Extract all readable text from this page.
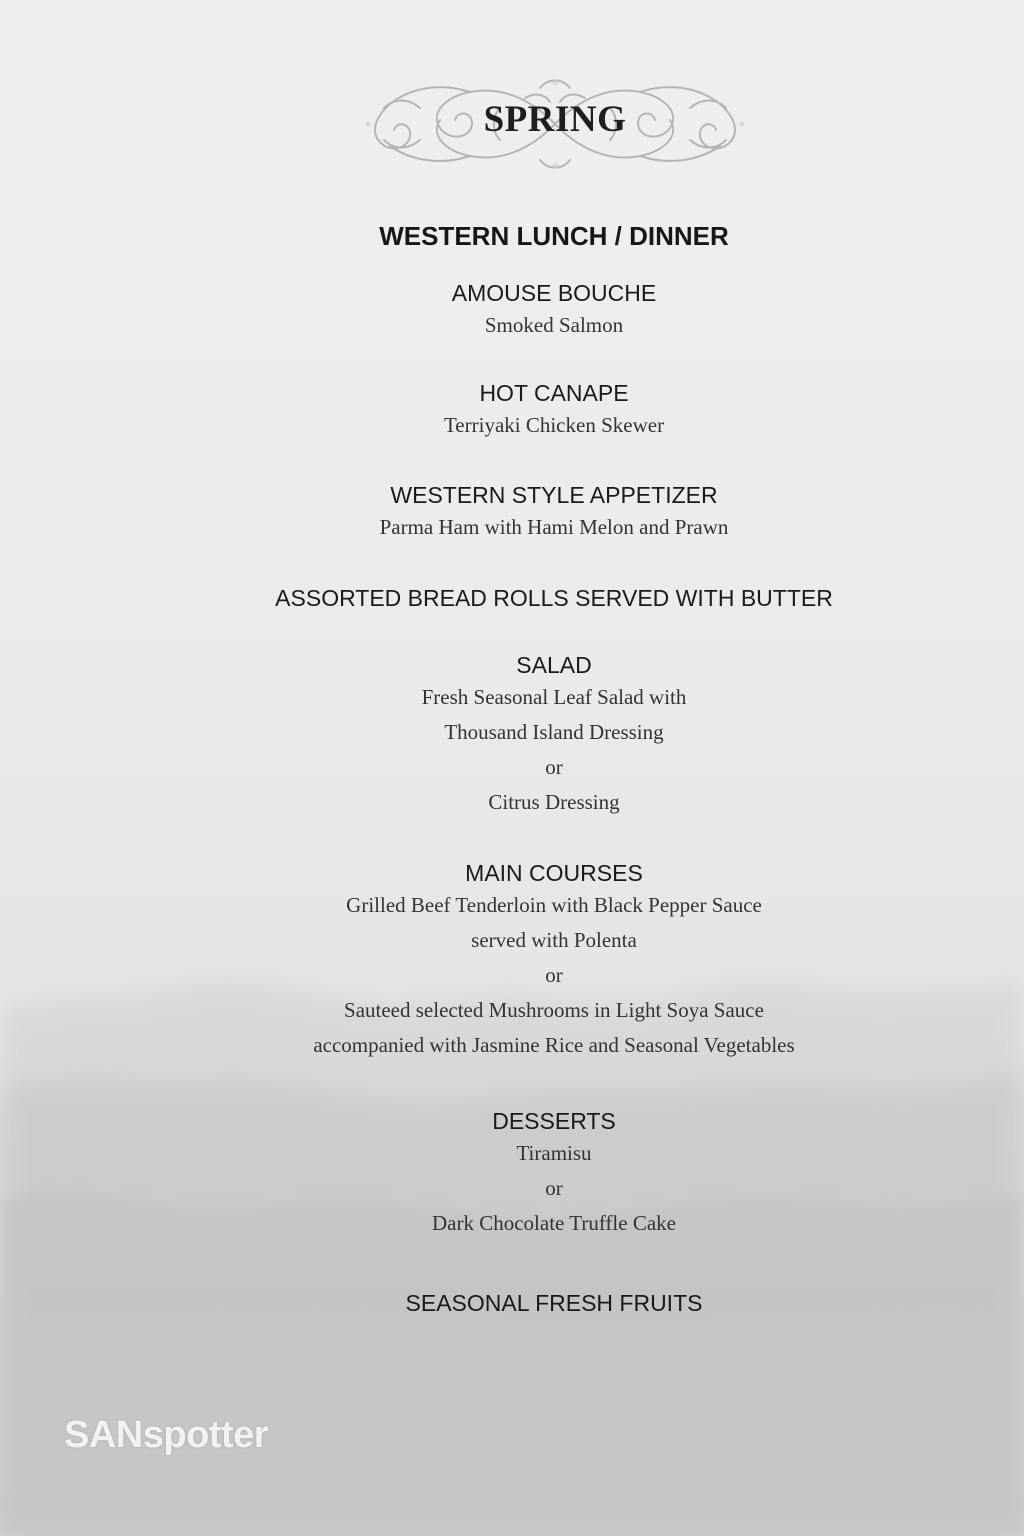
SPRING
WESTERN LUNCH / DINNER
AMOUSE BOUCHE
Smoked Salmon
HOT CANAPE
Terriyaki Chicken Skewer
WESTERN STYLE APPETIZER
Parma Ham with Hami Melon and Prawn
ASSORTED BREAD ROLLS SERVED WITH BUTTER
SALAD
Fresh Seasonal Leaf Salad with
Thousand Island Dressing
or
Citrus Dressing
MAIN COURSES
Grilled Beef Tenderloin with Black Pepper Sauce
served with Polenta
or
Sauteed selected Mushrooms in Light Soya Sauce
accompanied with Jasmine Rice and Seasonal Vegetables
DESSERTS
Tiramisu
or
Dark Chocolate Truffle Cake
SEASONAL FRESH FRUITS
SANspotter
